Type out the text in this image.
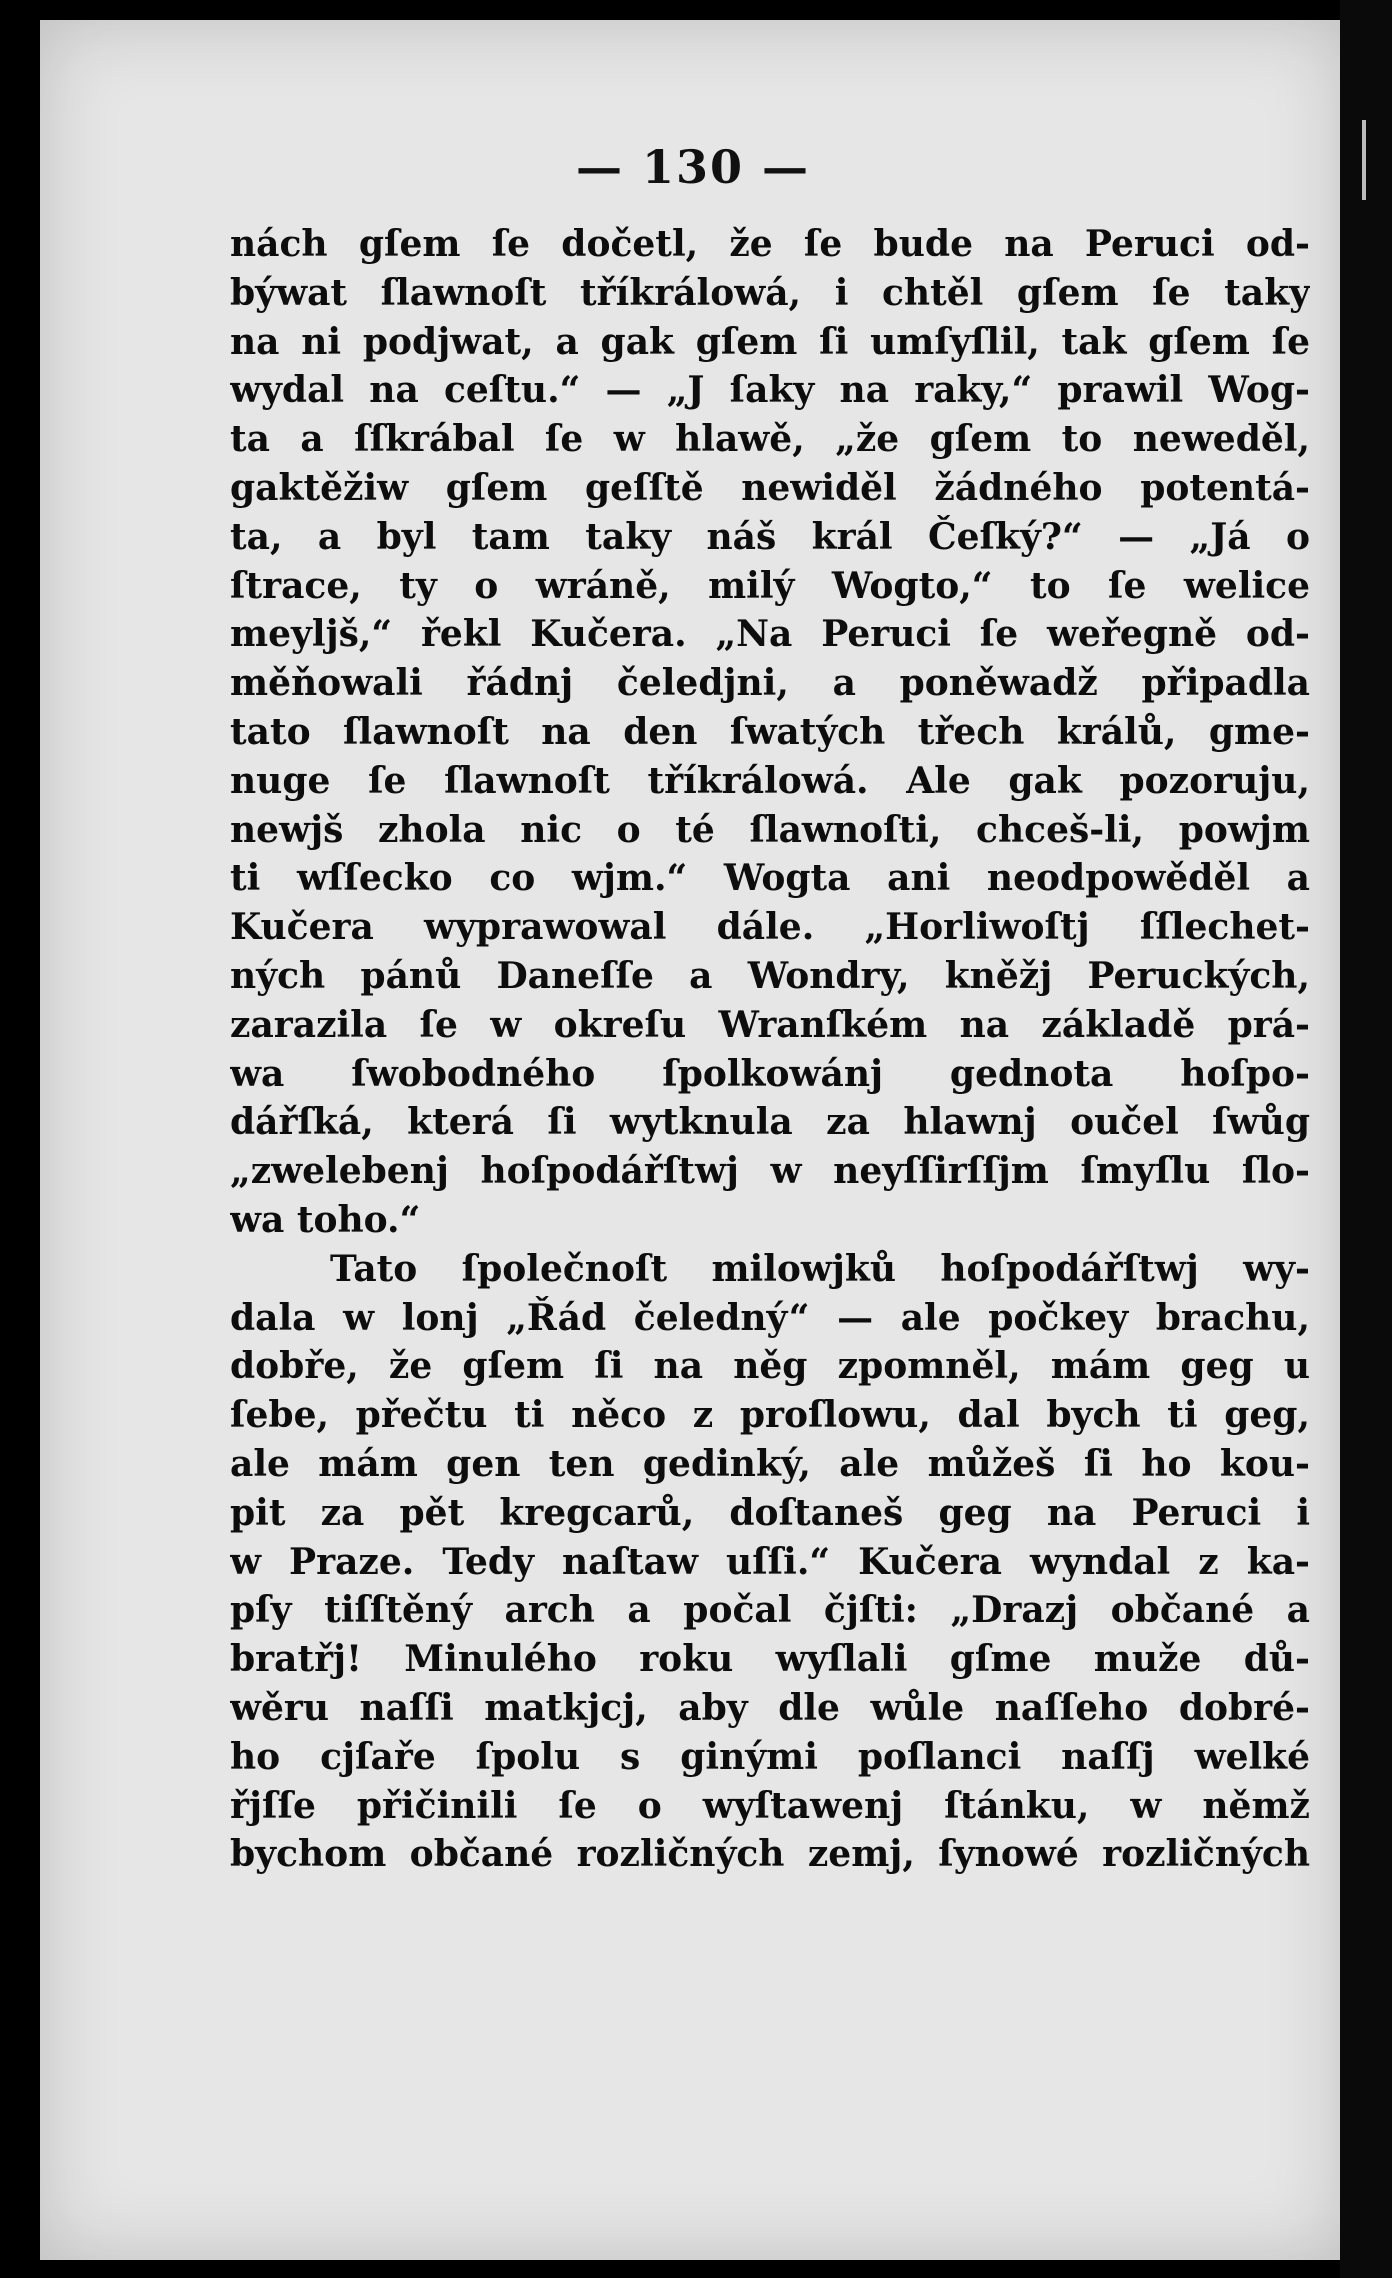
— 130 —
nách gſem ſe dočetl, že ſe bude na Peruci od-
býwat ſlawnoſt tříkrálowá, i chtěl gſem ſe taky
na ni podjwat, a gak gſem ſi umſyſlil, tak gſem ſe
wydal na ceſtu.“ — „J ſaky na raky,“ prawil Wog-
ta a ſſkrábal ſe w hlawě, „že gſem to neweděl,
gaktěžiw gſem geſſtě newiděl žádného potentá-
ta, a byl tam taky náš král Čeſký?“ — „Já o
ſtrace, ty o wráně, milý Wogto,“ to ſe welice
meyljš,“ řekl Kučera. „Na Peruci ſe weřegně od-
měňowali řádnj čeledjni, a poněwadž připadla
tato ſlawnoſt na den ſwatých třech králů, gme-
nuge ſe ſlawnoſt tříkrálowá. Ale gak pozoruju,
newjš zhola nic o té ſlawnoſti, chceš-li, powjm
ti wſſecko co wjm.“ Wogta ani neodpowěděl a
Kučera wyprawowal dále. „Horliwoſtj ſſlechet-
ných pánů Daneſſe a Wondry, kněžj Peruckých,
zarazila ſe w okreſu Wranſkém na základě prá-
wa ſwobodného ſpolkowánj gednota hoſpo-
dářſká, která ſi wytknula za hlawnj oučel ſwůg
„zwelebenj hoſpodářſtwj w neyſſirſſjm ſmyſlu ſlo-
wa toho.“
Tato ſpolečnoſt milowjků hoſpodářſtwj wy-
dala w lonj „Řád čeledný“ — ale počkey brachu,
dobře, že gſem ſi na něg zpomněl, mám geg u
ſebe, přečtu ti něco z proſlowu, dal bych ti geg,
ale mám gen ten gedinký, ale můžeš ſi ho kou-
pit za pět kregcarů, doſtaneš geg na Peruci i
w Praze. Tedy naſtaw uſſi.“ Kučera wyndal z ka-
pſy tiſſtěný arch a počal čjſti: „Drazj občané a
bratřj! Minulého roku wyſlali gſme muže dů-
wěru naſſi matkjcj, aby dle wůle naſſeho dobré-
ho cjſaře ſpolu s ginými poſlanci naſſj welké
řjſſe přičinili ſe o wyſtawenj ſtánku, w němž
bychom občané rozličných zemj, ſynowé rozličných
